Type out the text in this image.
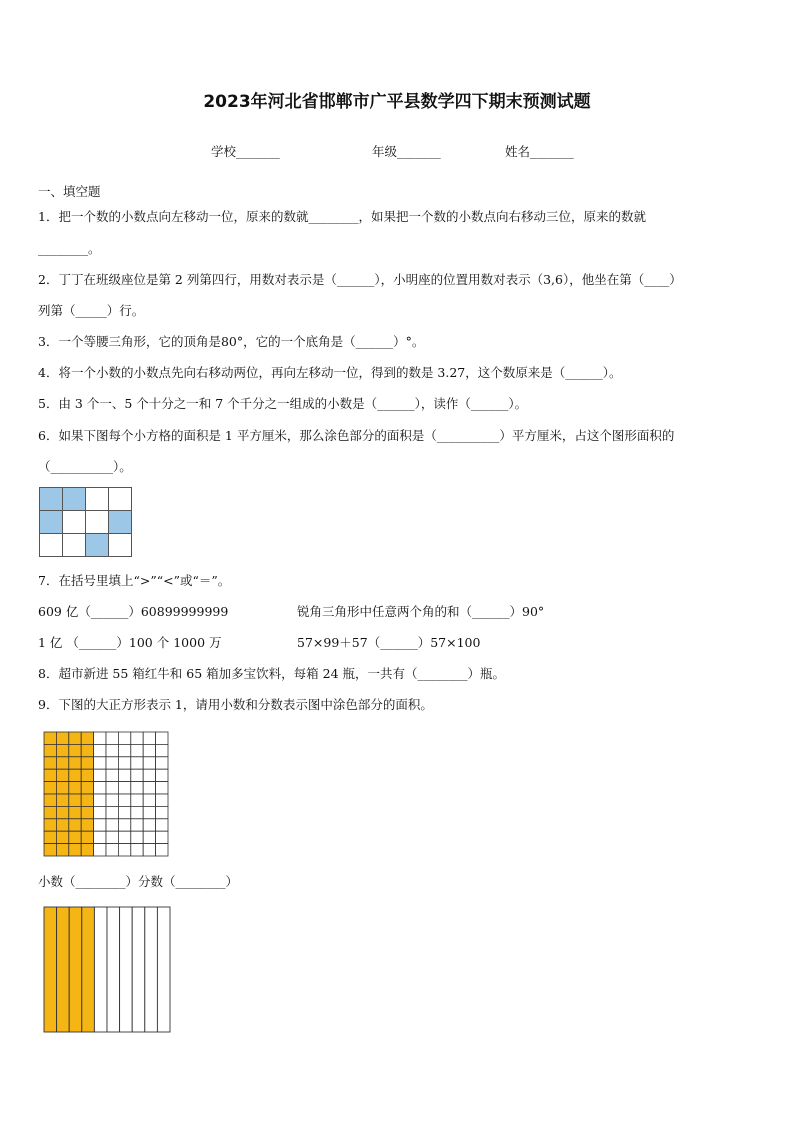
2023年河北省邯郸市广平县数学四下期末预测试题
学校_______	年级_______	姓名_______
一、填空题
1．把一个数的小数点向左移动一位，原来的数就________，如果把一个数的小数点向右移动三位，原来的数就
________。
2．丁丁在班级座位是第 2 列第四行，用数对表示是（______），小明座的位置用数对表示（3,6），他坐在第（____）
列第（_____）行。
3．一个等腰三角形，它的顶角是80°，它的一个底角是（______）°。
4．将一个小数的小数点先向右移动两位，再向左移动一位，得到的数是 3.27，这个数原来是（______）。
5．由 3 个一、5 个十分之一和 7 个千分之一组成的小数是（______），读作（______）。
6．如果下图每个小方格的面积是 1 平方厘米，那么涂色部分的面积是（__________）平方厘米，占这个图形面积的
（__________）。

7．在括号里填上“>”“<”或“＝”。
609 亿（______）60899999999	锐角三角形中任意两个角的和（______）90°
1 亿 （______）100 个 1000 万	57×99＋57（______）57×100
8．超市新进 55 箱红牛和 65 箱加多宝饮料，每箱 24 瓶，一共有（________）瓶。
9．下图的大正方形表示 1，请用小数和分数表示图中涂色部分的面积。
小数（________）分数（________）
